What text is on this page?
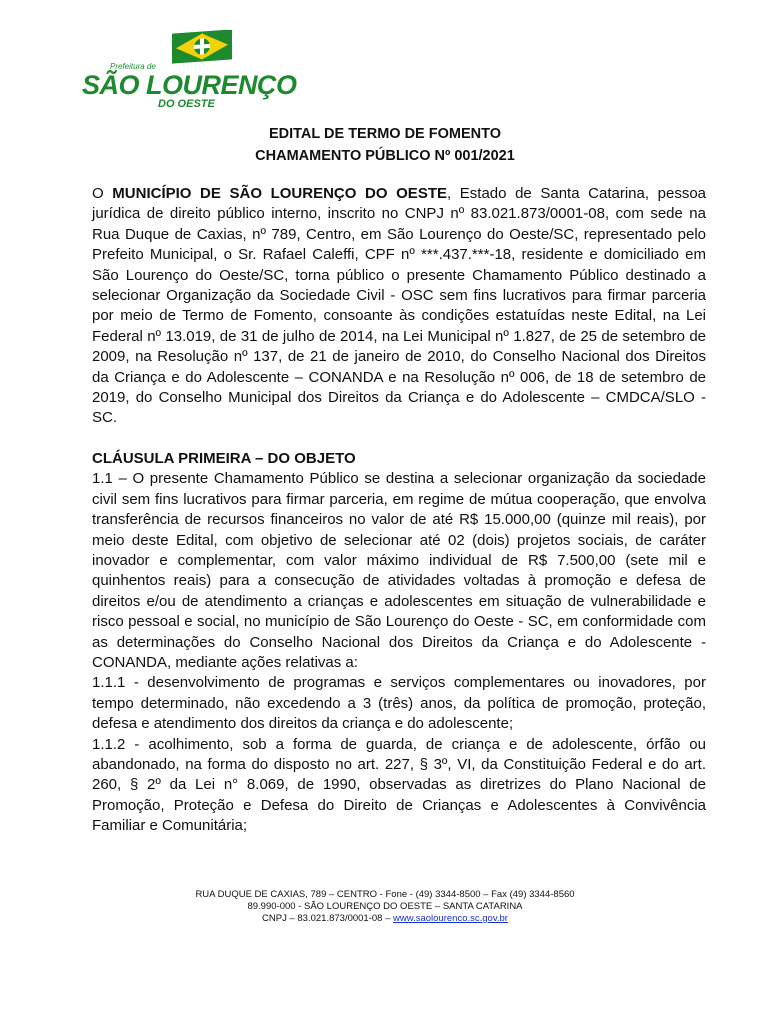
Prefeitura de
SÃO LOURENÇO
DO OESTE
EDITAL DE TERMO DE FOMENTO
CHAMAMENTO PÚBLICO Nº 001/2021

O MUNICÍPIO DE SÃO LOURENÇO DO OESTE, Estado de Santa Catarina, pessoa jurídica de direito público interno, inscrito no CNPJ nº 83.021.873/0001-08, com sede na Rua Duque de Caxias, nº 789, Centro, em São Lourenço do Oeste/SC, representado pelo Prefeito Municipal, o Sr. Rafael Caleffi, CPF nº ***.437.***-18, residente e domiciliado em São Lourenço do Oeste/SC, torna público o presente Chamamento Público destinado a selecionar Organização da Sociedade Civil - OSC sem fins lucrativos para firmar parceria por meio de Termo de Fomento, consoante às condições estatuídas neste Edital, na Lei Federal nº 13.019, de 31 de julho de 2014, na Lei Municipal nº 1.827, de 25 de setembro de 2009, na Resolução nº 137, de 21 de janeiro de 2010, do Conselho Nacional dos Direitos da Criança e do Adolescente – CONANDA e na Resolução nº 006, de 18 de setembro de 2019, do Conselho Municipal dos Direitos da Criança e do Adolescente – CMDCA/SLO - SC.

CLÁUSULA PRIMEIRA – DO OBJETO

1.1 – O presente Chamamento Público se destina a selecionar organização da sociedade civil sem fins lucrativos para firmar parceria, em regime de mútua cooperação, que envolva transferência de recursos financeiros no valor de até R$ 15.000,00 (quinze mil reais), por meio deste Edital, com objetivo de selecionar até 02 (dois) projetos sociais, de caráter inovador e complementar, com valor máximo individual de R$ 7.500,00 (sete mil e quinhentos reais) para a consecução de atividades voltadas à promoção e defesa de direitos e/ou de atendimento a crianças e adolescentes em situação de vulnerabilidade e risco pessoal e social, no município de São Lourenço do Oeste - SC, em conformidade com as determinações do Conselho Nacional dos Direitos da Criança e do Adolescente - CONANDA, mediante ações relativas a:

1.1.1 - desenvolvimento de programas e serviços complementares ou inovadores, por tempo determinado, não excedendo a 3 (três) anos, da política de promoção, proteção, defesa e atendimento dos direitos da criança e do adolescente;

1.1.2 - acolhimento, sob a forma de guarda, de criança e de adolescente, órfão ou abandonado, na forma do disposto no art. 227, § 3º, VI, da Constituição Federal e do art. 260, § 2º da Lei n° 8.069, de 1990, observadas as diretrizes do Plano Nacional de Promoção, Proteção e Defesa do Direito de Crianças e Adolescentes à Convivência Familiar e Comunitária;

RUA DUQUE DE CAXIAS, 789 – CENTRO - Fone - (49) 3344-8500 – Fax (49) 3344-8560
89.990-000 - SÃO LOURENÇO DO OESTE – SANTA CATARINA
CNPJ – 83.021.873/0001-08 – www.saolourenco.sc.gov.br
